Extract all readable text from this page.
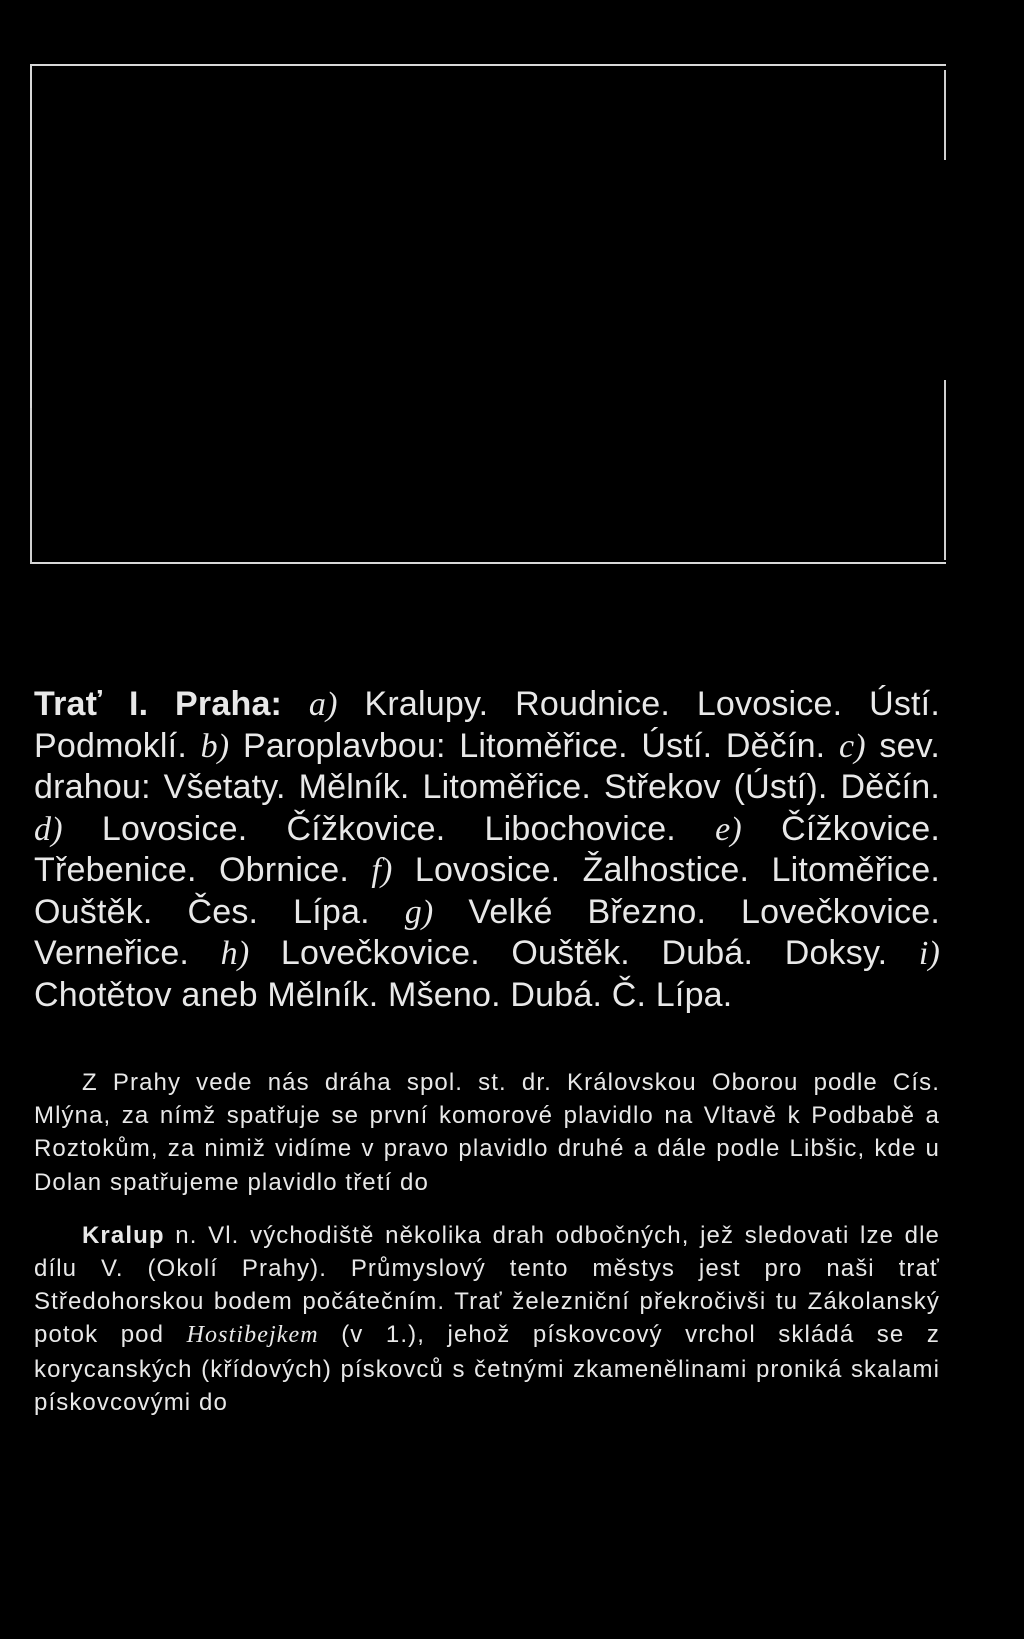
Trať I. Praha: a) Kralupy. Roudnice. Lovosice. Ústí. Podmoklí. b) Paroplavbou: Litoměřice. Ústí. Děčín. c) sev. drahou: Všetaty. Mělník. Litoměřice. Střekov (Ústí). Děčín. d) Lovosice. Čížkovice. Libochovice. e) Čížkovice. Třebenice. Obrnice. f) Lovosice. Žalhostice. Litoměřice. Ouštěk. Čes. Lípa. g) Velké Březno. Lovečkovice. Verneřice. h) Lovečkovice. Ouštěk. Dubá. Doksy. i) Chotětov aneb Mělník. Mšeno. Dubá. Č. Lípa.

Z Prahy vede nás dráha spol. st. dr. Královskou Oborou podle Cís. Mlýna, za nímž spatřuje se první komorové plavidlo na Vltavě k Podbabě a Roztokům, za nimiž vidíme v pravo plavidlo druhé a dále podle Libšic, kde u Dolan spatřujeme plavidlo třetí do

Kralup n. Vl. východiště několika drah odbočných, jež sledovati lze dle dílu V. (Okolí Prahy). Průmyslový tento městys jest pro naši trať Středohorskou bodem počátečním. Trať železniční překročivši tu Zákolanský potok pod Hostibejkem (v 1.), jehož pískovcový vrchol skládá se z korycanských (křídových) pískovců s četnými zkamenělinami proniká skalami pískovcovými do
